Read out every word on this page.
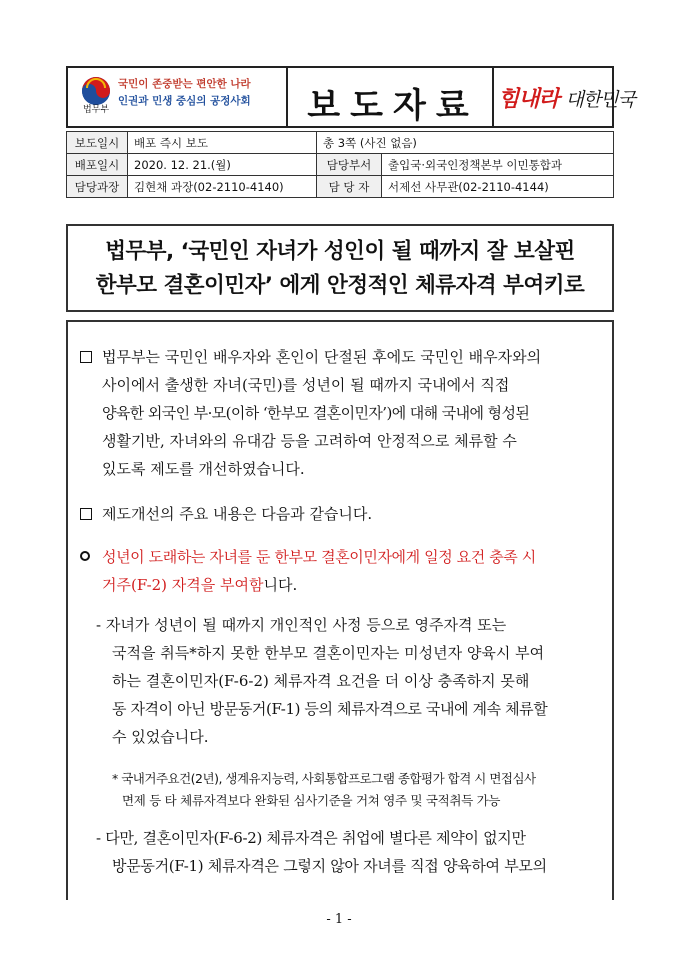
법무부
국민이 존중받는 편안한 나라
인권과 민생 중심의 공정사회	보도자료 힘내라 대한민국
보도일시	배포 즉시 보도	총 3쪽 (사진 없음)	
배포일시	2020. 12. 21.(월)	담당부서	출입국·외국인정책본부 이민통합과
담당과장	김현채 과장(02-2110-4140)	담 당 자	서제선 사무관(02-2110-4144)
법무부, ‘국민인 자녀가 성인이 될 때까지 잘 보살핀
한부모 결혼이민자’ 에게 안정적인 체류자격 부여키로
법무부는 국민인 배우자와 혼인이 단절된 후에도 국민인 배우자와의
사이에서 출생한 자녀(국민)를 성년이 될 때까지 국내에서 직접
양육한 외국인 부·모(이하 ‘한부모 결혼이민자’)에 대해 국내에 형성된
생활기반, 자녀와의 유대감 등을 고려하여 안정적으로 체류할 수
있도록 제도를 개선하였습니다.
제도개선의 주요 내용은 다음과 같습니다.
성년이 도래하는 자녀를 둔 한부모 결혼이민자에게 일정 요건 충족 시
거주(F-2) 자격을 부여함니다.
- 자녀가 성년이 될 때까지 개인적인 사정 등으로 영주자격 또는
국적을 취득*하지 못한 한부모 결혼이민자는 미성년자 양육시 부여
하는 결혼이민자(F-6-2) 체류자격 요건을 더 이상 충족하지 못해
동 자격이 아닌 방문동거(F-1) 등의 체류자격으로 국내에 계속 체류할
수 있었습니다.
* 국내거주요건(2년), 생계유지능력, 사회통합프로그램 종합평가 합격 시 면접심사
면제 등 타 체류자격보다 완화된 심사기준을 거쳐 영주 및 국적취득 가능
- 다만, 결혼이민자(F-6-2) 체류자격은 취업에 별다른 제약이 없지만
방문동거(F-1) 체류자격은 그렇지 않아 자녀를 직접 양육하여 부모의
- 1 -
